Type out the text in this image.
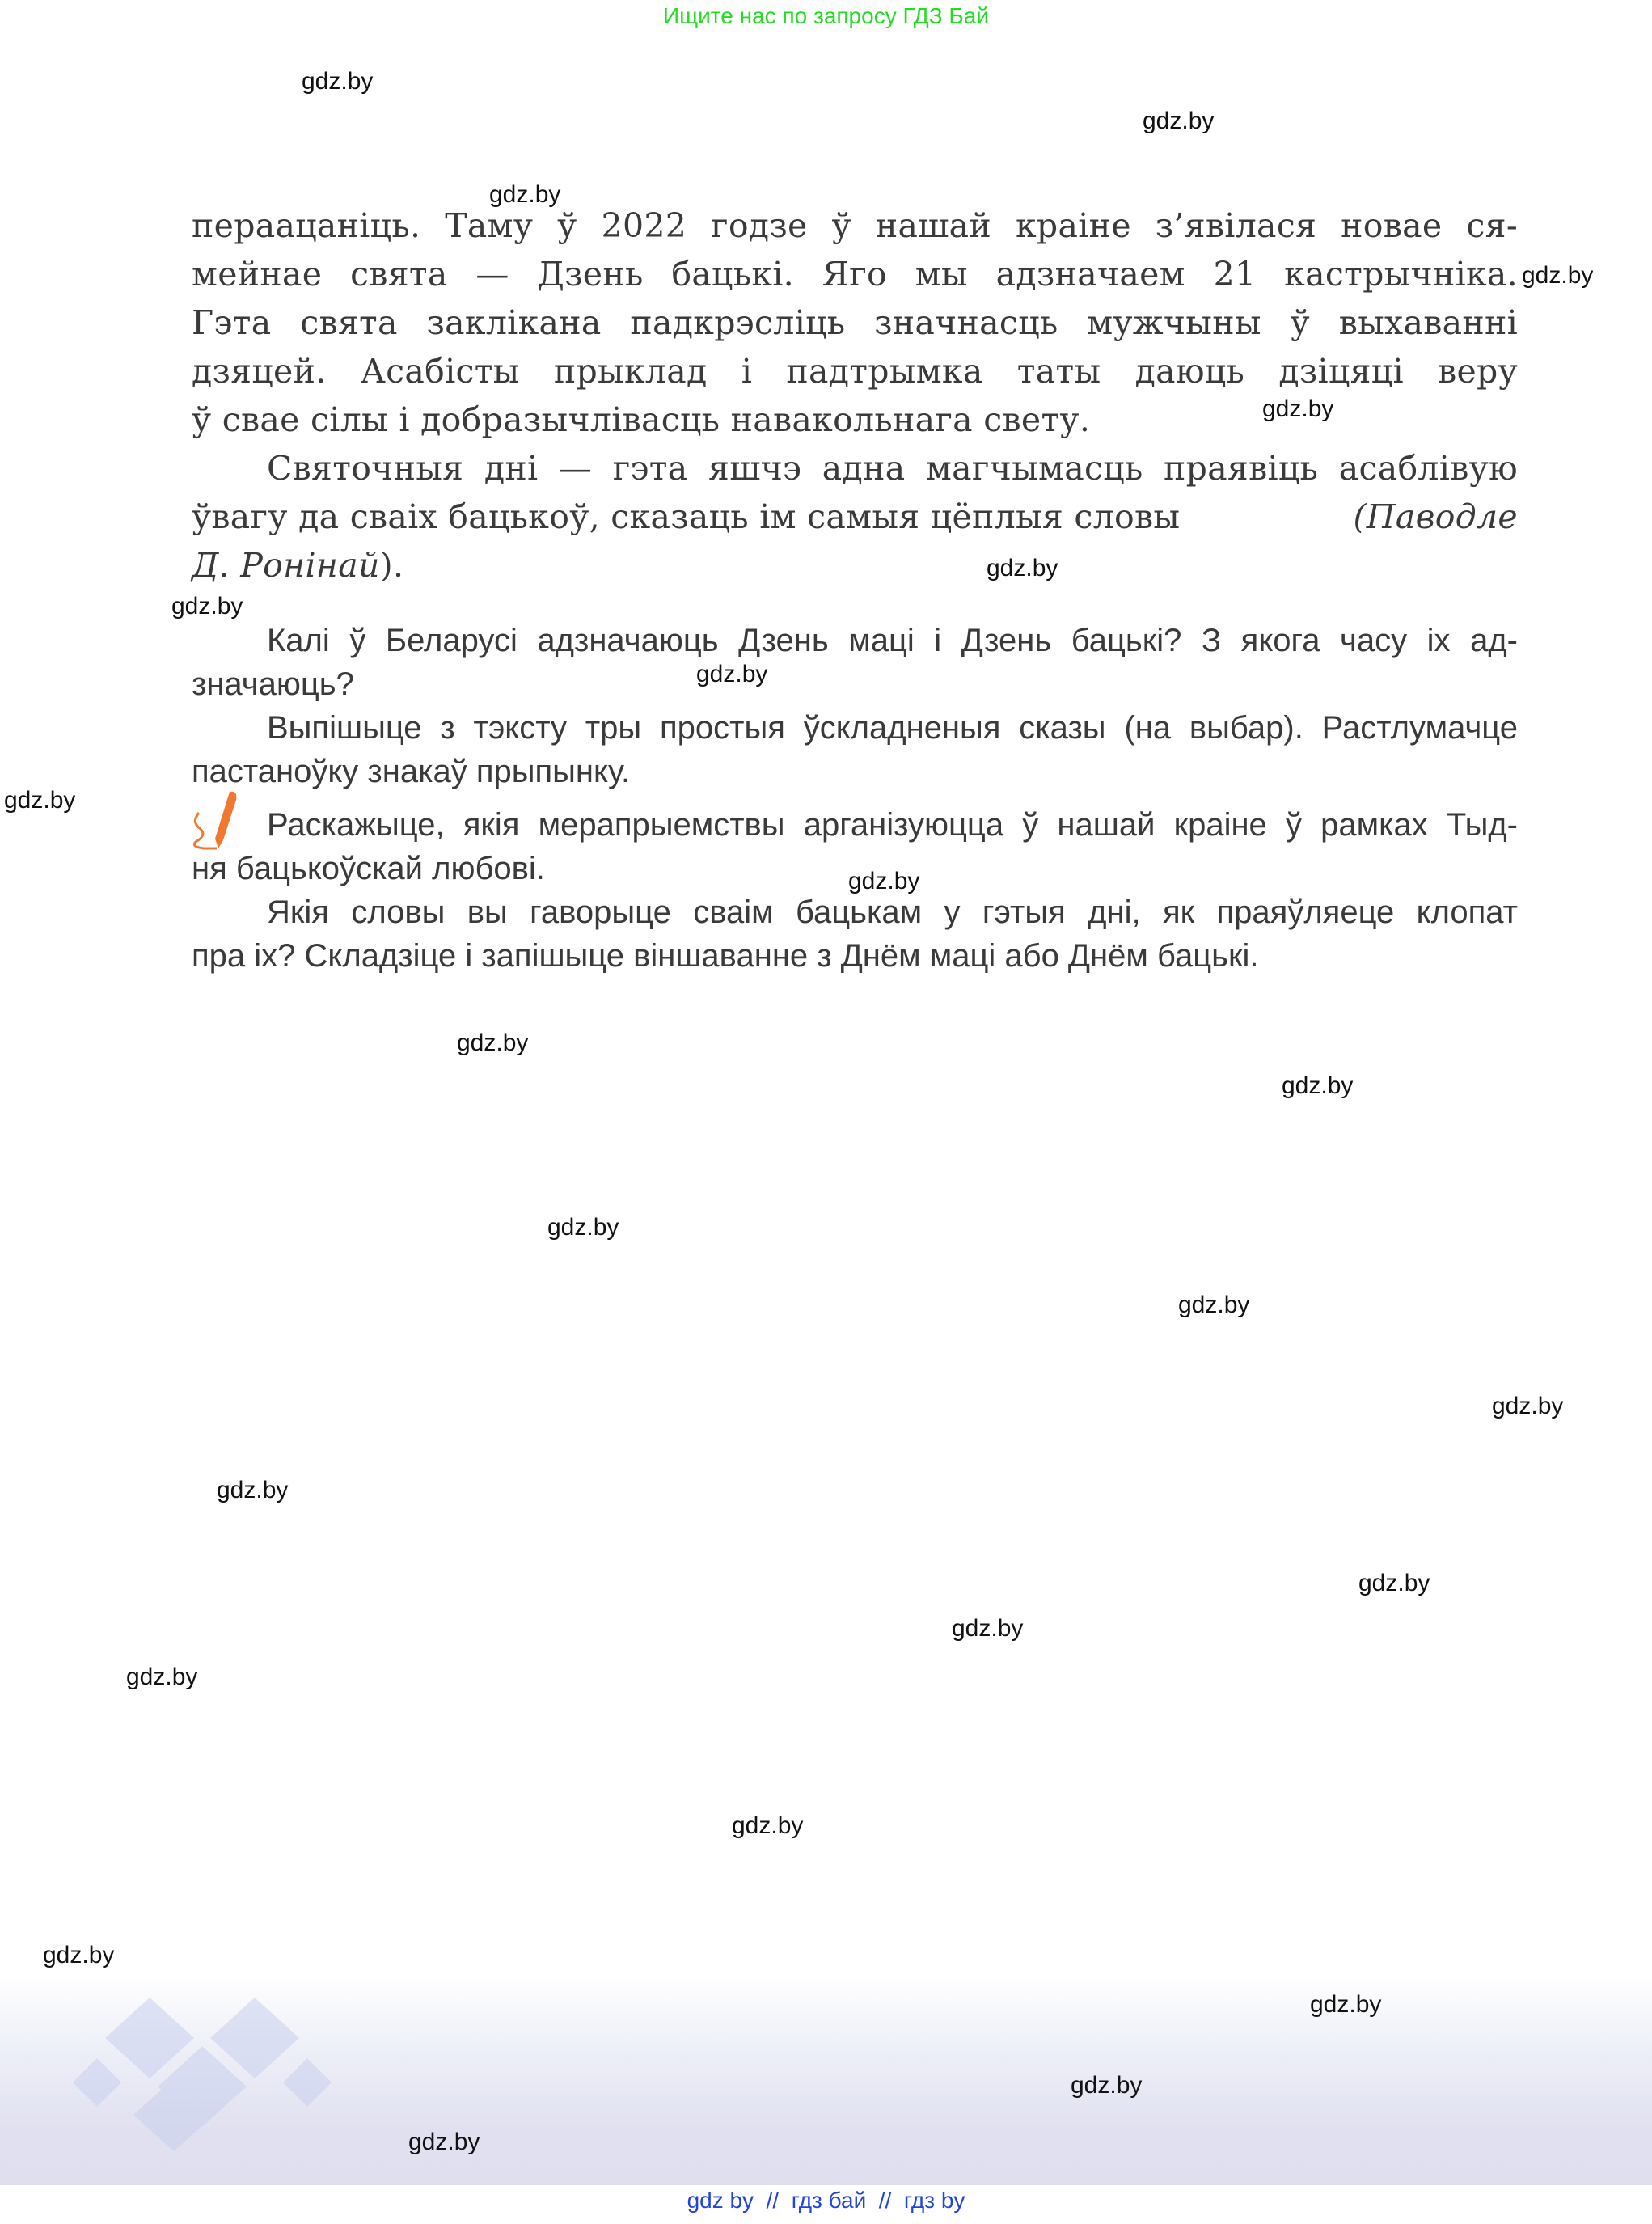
Ищите нас по запросу ГДЗ Бай
пераацаніць. Таму ў 2022 годзе ў нашай краіне з’явілася новае ся-
мейнае свята — Дзень бацькі. Яго мы адзначаем 21 кастрычніка.
Гэта свята заклікана падкрэсліць значнасць мужчыны ў выхаванні
дзяцей. Асабісты прыклад і падтрымка таты даюць дзіцяці веру
ў свае сілы і добразычлівасць навакольнага свету.
Святочныя дні — гэта яшчэ адна магчымасць праявіць асаблівую
ўвагу да сваіх бацькоў, сказаць ім самыя цёплыя словы	(Паводле
Д. Ронінай).
Калі ў Беларусі адзначаюць Дзень маці і Дзень бацькі? З якога часу іх ад-
значаюць?
Выпішыце з тэксту тры простыя ўскладненыя сказы (на выбар). Растлумачце
пастаноўку знакаў прыпынку.
Раскажыце, якія мерапрыемствы арганізуюцца ў нашай краіне ў рамках Тыд-
ня бацькоўскай любові.
Якія словы вы гаворыце сваім бацькам у гэтыя дні, як праяўляеце клопат
пра іх? Складзіце і запішыце віншаванне з Днём маці або Днём бацькі.
gdz.by
gdz.by
gdz.by
gdz.by
gdz.by
gdz.by
gdz.by
gdz.by
gdz.by
gdz.by
gdz.by
gdz.by
gdz.by
gdz.by
gdz.by
gdz.by
gdz.by
gdz.by
gdz.by
gdz.by
gdz.by
gdz.by
gdz.by
gdz.by
gdz by  //  гдз бай  //  гдз by
